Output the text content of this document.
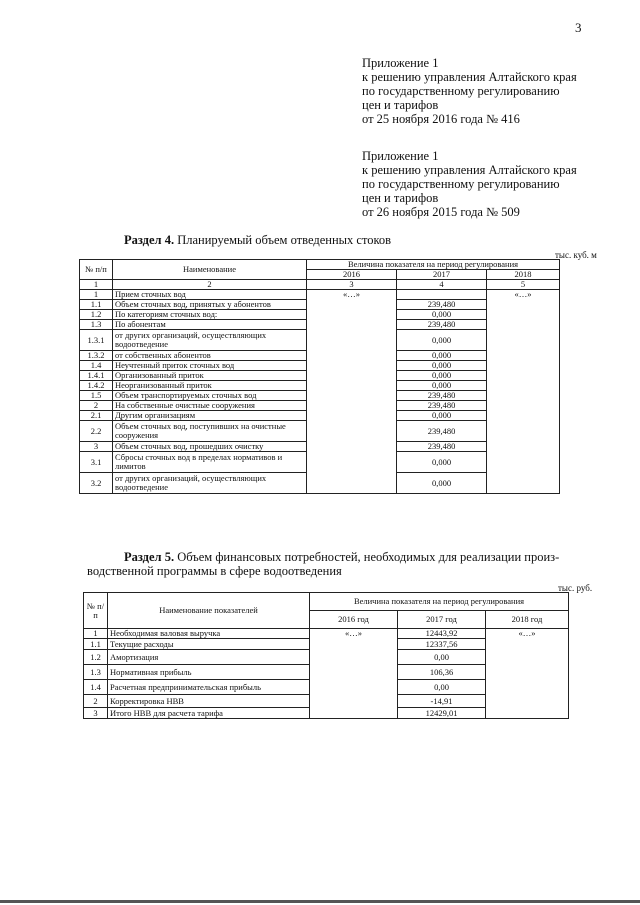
3
Приложение 1
к решению управления Алтайского края
по государственному регулированию
цен и тарифов
от 25 ноября 2016 года № 416
Приложение 1
к решению управления Алтайского края
по государственному регулированию
цен и тарифов
от 26 ноября 2015 года № 509
Раздел 4. Планируемый объем отведенных стоков
тыс. куб. м
№ п/п	Наименование	Величина показателя на период регулирования		
		2016	2017	2018
1	2	3	4	5
1	Прием сточных вод	«…»		«…»
1.1	Объем сточных вод, принятых у абонентов		239,480	
1.2	По категориям сточных вод:		0,000	
1.3	По абонентам		239,480	
1.3.1	от других организаций, осуществляющих водоотведение		0,000	
1.3.2	от собственных абонентов		0,000	
1.4	Неучтенный приток сточных вод		0,000	
1.4.1	Организованный приток		0,000	
1.4.2	Неорганизованный приток		0,000	
1.5	Объем транспортируемых сточных вод		239,480	
2	На собственные очистные сооружения		239,480	
2.1	Другим организациям		0,000	
2.2	Объем сточных вод, поступивших на очистные сооружения		239,480	
3	Объем сточных вод, прошедших очистку		239,480	
3.1	Сбросы сточных вод в пределах нормативов и лимитов		0,000	
3.2	от других организаций, осуществляющих водоотведение		0,000	
Раздел 5. Объем финансовых потребностей, необходимых для реализации произ-
водственной программы в сфере водоотведения
тыс. руб.
№ п/ п	Наименование показателей	Величина показателя на период регулирования		
		2016 год	2017 год	2018 год
1	Необходимая валовая выручка	«…»	12443,92	«…»
1.1	Текущие расходы		12337,56	
1.2	Амортизация		0,00	
1.3	Нормативная прибыль		106,36	
1.4	Расчетная предпринимательская прибыль		0,00	
2	Корректировка НВВ		-14,91	
3	Итого НВВ для расчета тарифа		12429,01	
